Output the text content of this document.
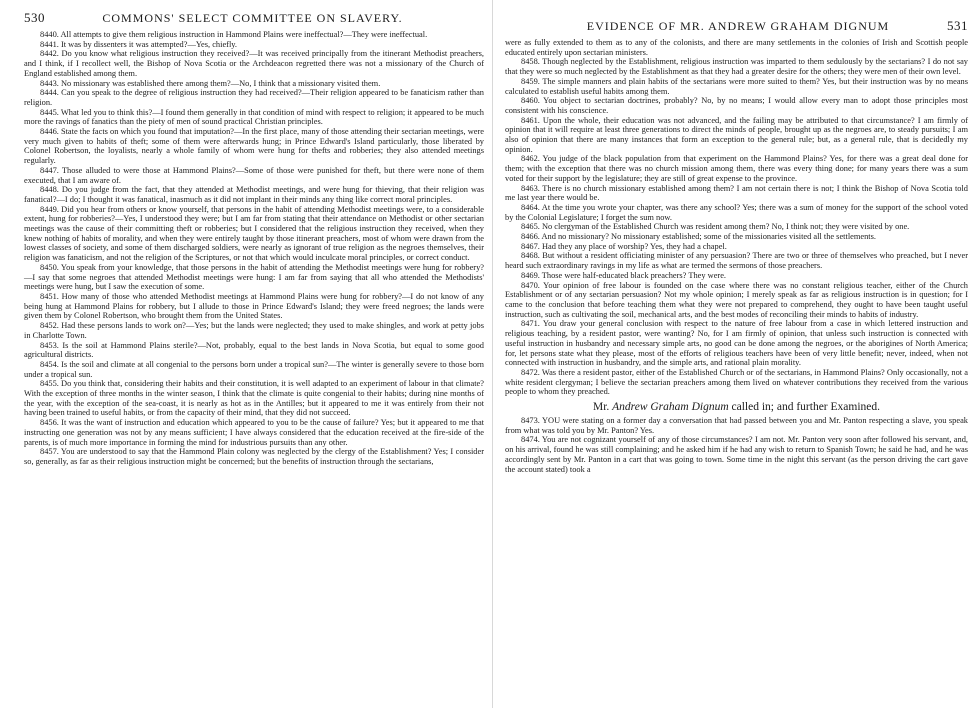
530	COMMONS' SELECT COMMITTEE ON SLAVERY.

8440. All attempts to give them religious instruction in Hammond Plains were ineffectual?—They were ineffectual.

8441. It was by dissenters it was attempted?—Yes, chiefly.

8442. Do you know what religious instruction they received?—It was received principally from the itinerant Methodist preachers, and I think, if I recollect well, the Bishop of Nova Scotia or the Archdeacon regretted there was not a missionary of the Church of England established among them.

8443. No missionary was established there among them?—No, I think that a missionary visited them.

8444. Can you speak to the degree of religious instruction they had received?—Their religion appeared to be fanaticism rather than religion.

8445. What led you to think this?—I found them generally in that condition of mind with respect to religion; it appeared to be much more the ravings of fanatics than the piety of men of sound practical Christian principles.

8446. State the facts on which you found that imputation?—In the first place, many of those attending their sectarian meetings, were very much given to habits of theft; some of them were afterwards hung; in Prince Edward's Island particularly, those liberated by Colonel Robertson, the loyalists, nearly a whole family of whom were hung for thefts and robberies; they also attended meetings regularly.

8447. Those alluded to were those at Hammond Plains?—Some of those were punished for theft, but there were none of them executed, that I am aware of.

8448. Do you judge from the fact, that they attended at Methodist meetings, and were hung for thieving, that their religion was fanatical?—I do; I thought it was fanatical, inasmuch as it did not implant in their minds any thing like correct moral principles.

8449. Did you hear from others or know yourself, that persons in the habit of attending Methodist meetings were, to a considerable extent, hung for robberies?—Yes, I understood they were; but I am far from stating that their attendance on Methodist or other sectarian meetings was the cause of their committing theft or robberies; but I considered that the religious instruction they received, when they knew nothing of habits of morality, and when they were entirely taught by those itinerant preachers, most of whom were drawn from the lowest classes of society, and some of them discharged soldiers, were nearly as ignorant of true religion as the negroes themselves, their religion was fanaticism, and not the religion of the Scriptures, or not that which would inculcate moral principles, or correct conduct.

8450. You speak from your knowledge, that those persons in the habit of attending the Methodist meetings were hung for robbery?—I say that some negroes that attended Methodist meetings were hung: I am far from saying that all who attended the Methodists' meetings were hung, but I saw the execution of some.

8451. How many of those who attended Methodist meetings at Hammond Plains were hung for robbery?—I do not know of any being hung at Hammond Plains for robbery, but I allude to those in Prince Edward's Island; they were freed negroes; the lands were given them by Colonel Robertson, who brought them from the United States.

8452. Had these persons lands to work on?—Yes; but the lands were neglected; they used to make shingles, and work at petty jobs in Charlotte Town.

8453. Is the soil at Hammond Plains sterile?—Not, probably, equal to the best lands in Nova Scotia, but equal to some good agricultural districts.

8454. Is the soil and climate at all congenial to the persons born under a tropical sun?—The winter is generally severe to those born under a tropical sun.

8455. Do you think that, considering their habits and their constitution, it is well adapted to an experiment of labour in that climate? With the exception of three months in the winter season, I think that the climate is quite congenial to their habits; during nine months of the year, with the exception of the sea-coast, it is nearly as hot as in the Antilles; but it appeared to me it was entirely from their not having been trained to useful habits, or from the capacity of their mind, that they did not succeed.

8456. It was the want of instruction and education which appeared to you to be the cause of failure? Yes; but it appeared to me that instructing one generation was not by any means sufficient; I have always considered that the education received at the fire-side of the parents, is of much more importance in forming the mind for industrious pursuits than any other.

8457. You are understood to say that the Hammond Plain colony was neglected by the clergy of the Establishment? Yes; I consider so, generally, as far as their religious instruction might be concerned; but the benefits of instruction through the sectarians,

EVIDENCE OF MR. ANDREW GRAHAM DIGNUM	531

were as fully extended to them as to any of the colonists, and there are many settlements in the colonies of Irish and Scottish people educated entirely upon sectarian ministers.

8458. Though neglected by the Establishment, religious instruction was imparted to them sedulously by the sectarians? I do not say that they were so much neglected by the Establishment as that they had a greater desire for the others; they were men of their own level.

8459. The simple manners and plain habits of the sectarians were more suited to them? Yes, but their instruction was by no means calculated to establish useful habits among them.

8460. You object to sectarian doctrines, probably? No, by no means; I would allow every man to adopt those principles most consistent with his conscience.

8461. Upon the whole, their education was not advanced, and the failing may be attributed to that circumstance? I am firmly of opinion that it will require at least three generations to direct the minds of people, brought up as the negroes are, to steady pursuits; I am also of opinion that there are many instances that form an exception to the general rule; but, as a general rule, that is decidedly my opinion.

8462. You judge of the black population from that experiment on the Hammond Plains? Yes, for there was a great deal done for them; with the exception that there was no church mission among them, there was every thing done; for many years there was a sum voted for their support by the legislature; they are still of great expense to the province.

8463. There is no church missionary established among them? I am not certain there is not; I think the Bishop of Nova Scotia told me last year there would be.

8464. At the time you wrote your chapter, was there any school? Yes; there was a sum of money for the support of the school voted by the Colonial Legislature; I forget the sum now.

8465. No clergyman of the Established Church was resident among them? No, I think not; they were visited by one.

8466. And no missionary? No missionary established; some of the missionaries visited all the settlements.

8467. Had they any place of worship? Yes, they had a chapel.

8468. But without a resident officiating minister of any persuasion? There are two or three of themselves who preached, but I never heard such extraordinary ravings in my life as what are termed the sermons of those preachers.

8469. Those were half-educated black preachers? They were.

8470. Your opinion of free labour is founded on the case where there was no constant religious teacher, either of the Church Establishment or of any sectarian persuasion? Not my whole opinion; I merely speak as far as religious instruction is in question; for I came to the conclusion that before teaching them what they were not prepared to comprehend, they ought to have been taught useful instruction, such as cultivating the soil, mechanical arts, and the best modes of reconciling their minds to habits of industry.

8471. You draw your general conclusion with respect to the nature of free labour from a case in which lettered instruction and religious teaching, by a resident pastor, were wanting? No, for I am firmly of opinion, that unless such instruction is connected with useful instruction in husbandry and necessary simple arts, no good can be done among the negroes, or the aborigines of North America; for, let persons state what they please, most of the efforts of religious teachers have been of very little benefit; never, indeed, when not connected with instruction in husbandry, and the simple arts, and rational plain morality.

8472. Was there a resident pastor, either of the Established Church or of the sectarians, in Hammond Plains? Only occasionally, not a white resident clergyman; I believe the sectarian preachers among them lived on whatever contributions they received from the various people to whom they preached.

Mr. Andrew Graham Dignum called in; and further Examined.

8473. YOU were stating on a former day a conversation that had passed between you and Mr. Panton respecting a slave, you speak from what was told you by Mr. Panton? Yes.

8474. You are not cognizant yourself of any of those circumstances? I am not. Mr. Panton very soon after followed his servant, and, on his arrival, found he was still complaining; and he asked him if he had any wish to return to Spanish Town; he said he had, and he was accordingly sent by Mr. Panton in a cart that was going to town. Some time in the night this servant (as the person driving the cart gave the account stated) took a
